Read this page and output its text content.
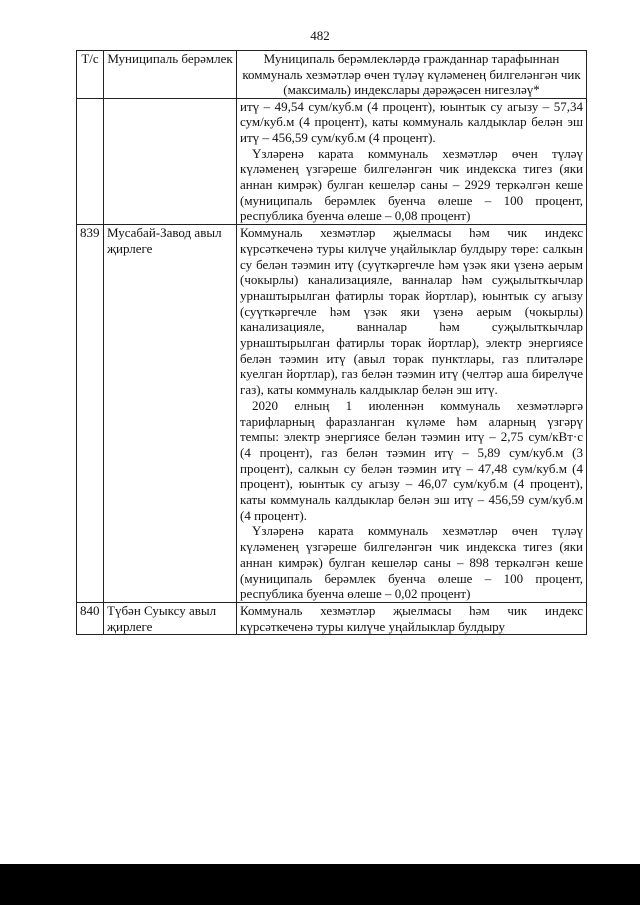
482
Т/с	Муниципаль берәмлек	Муниципаль берәмлекләрдә гражданнар тарафыннан коммуналь хезмәтләр өчен түләү күләменең билгеләнгән чик (максималь) индекслары дәрәҗәсен нигезләү*

		итү – 49,54 сум/куб.м (4 процент), юынтык су агызу – 57,34 сум/куб.м (4 процент), каты коммуналь калдыклар белән эш итү – 456,59 сум/куб.м (4 процент).
Үзләренә карата коммуналь хезмәтләр өчен түләү күләменең үзгәреше билгеләнгән чик индекска тигез (яки аннан кимрәк) булган кешеләр саны – 2929 теркәлгән кеше (муниципаль берәмлек буенча өлеше – 100 процент, республика буенча өлеше – 0,08 процент)

839	Мусабай-Завод авыл җирлеге	Коммуналь хезмәтләр җыелмасы һәм чик индекс күрсәткеченә туры килүче уңайлыклар булдыру төре: салкын су белән тәэмин итү (суүткәргечле һәм үзәк яки үзенә аерым (чокырлы) канализацияле, ванналар һәм суҗылыткычлар урнаштырылган фатирлы торак йортлар), юынтык су агызу (суүткәргечле һәм үзәк яки үзенә аерым (чокырлы) канализацияле, ванналар һәм суҗылыткычлар урнаштырылган фатирлы торак йортлар), электр энергиясе белән тәэмин итү (авыл торак пунктлары, газ плитәләре куелган йортлар), газ белән тәэмин итү (челтәр аша бирелүче газ), каты коммуналь калдыклар белән эш итү.
2020 елның 1 июленнән коммуналь хезмәтләргә тарифларның фаразланган күләме һәм аларның үзгәрү темпы: электр энергиясе белән тәэмин итү – 2,75 сум/кВт·с (4 процент), газ белән тәэмин итү – 5,89 сум/куб.м (3 процент), салкын су белән тәэмин итү – 47,48 сум/куб.м (4 процент), юынтык су агызу – 46,07 сум/куб.м (4 процент), каты коммуналь калдыклар белән эш итү – 456,59 сум/куб.м (4 процент).
Үзләренә карата коммуналь хезмәтләр өчен түләү күләменең үзгәреше билгеләнгән чик индекска тигез (яки аннан кимрәк) булган кешеләр саны – 898 теркәлгән кеше (муниципаль берәмлек буенча өлеше – 100 процент, республика буенча өлеше – 0,02 процент)

840	Түбән Суыксу авыл җирлеге	Коммуналь хезмәтләр җыелмасы һәм чик индекс күрсәткеченә туры килүче уңайлыклар булдыру
